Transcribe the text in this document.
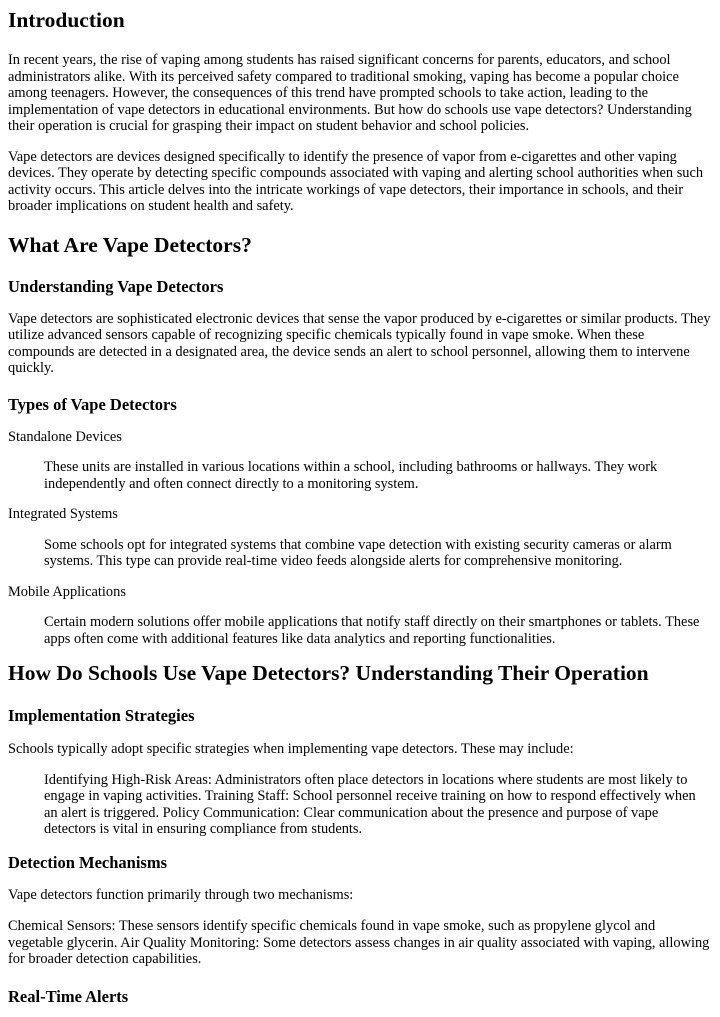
Introduction

In recent years, the rise of vaping among students has raised significant concerns for parents, educators, and school administrators alike. With its perceived safety compared to traditional smoking, vaping has become a popular choice among teenagers. However, the consequences of this trend have prompted schools to take action, leading to the implementation of vape detectors in educational environments. But how do schools use vape detectors? Understanding their operation is crucial for grasping their impact on student behavior and school policies.

Vape detectors are devices designed specifically to identify the presence of vapor from e-cigarettes and other vaping devices. They operate by detecting specific compounds associated with vaping and alerting school authorities when such activity occurs. This article delves into the intricate workings of vape detectors, their importance in schools, and their broader implications on student health and safety.

What Are Vape Detectors?
Understanding Vape Detectors

Vape detectors are sophisticated electronic devices that sense the vapor produced by e-cigarettes or similar products. They utilize advanced sensors capable of recognizing specific chemicals typically found in vape smoke. When these compounds are detected in a designated area, the device sends an alert to school personnel, allowing them to intervene quickly.

Types of Vape Detectors
Standalone Devices
These units are installed in various locations within a school, including bathrooms or hallways. They work independently and often connect directly to a monitoring system.
Integrated Systems
Some schools opt for integrated systems that combine vape detection with existing security cameras or alarm systems. This type can provide real-time video feeds alongside alerts for comprehensive monitoring.
Mobile Applications
Certain modern solutions offer mobile applications that notify staff directly on their smartphones or tablets. These apps often come with additional features like data analytics and reporting functionalities.
How Do Schools Use Vape Detectors? Understanding Their Operation
Implementation Strategies

Schools typically adopt specific strategies when implementing vape detectors. These may include:

Identifying High-Risk Areas: Administrators often place detectors in locations where students are most likely to engage in vaping activities. Training Staff: School personnel receive training on how to respond effectively when an alert is triggered. Policy Communication: Clear communication about the presence and purpose of vape detectors is vital in ensuring compliance from students.
Detection Mechanisms

Vape detectors function primarily through two mechanisms:

Chemical Sensors: These sensors identify specific chemicals found in vape smoke, such as propylene glycol and vegetable glycerin. Air Quality Monitoring: Some detectors assess changes in air quality associated with vaping, allowing for broader detection capabilities.

Real-Time Alerts
